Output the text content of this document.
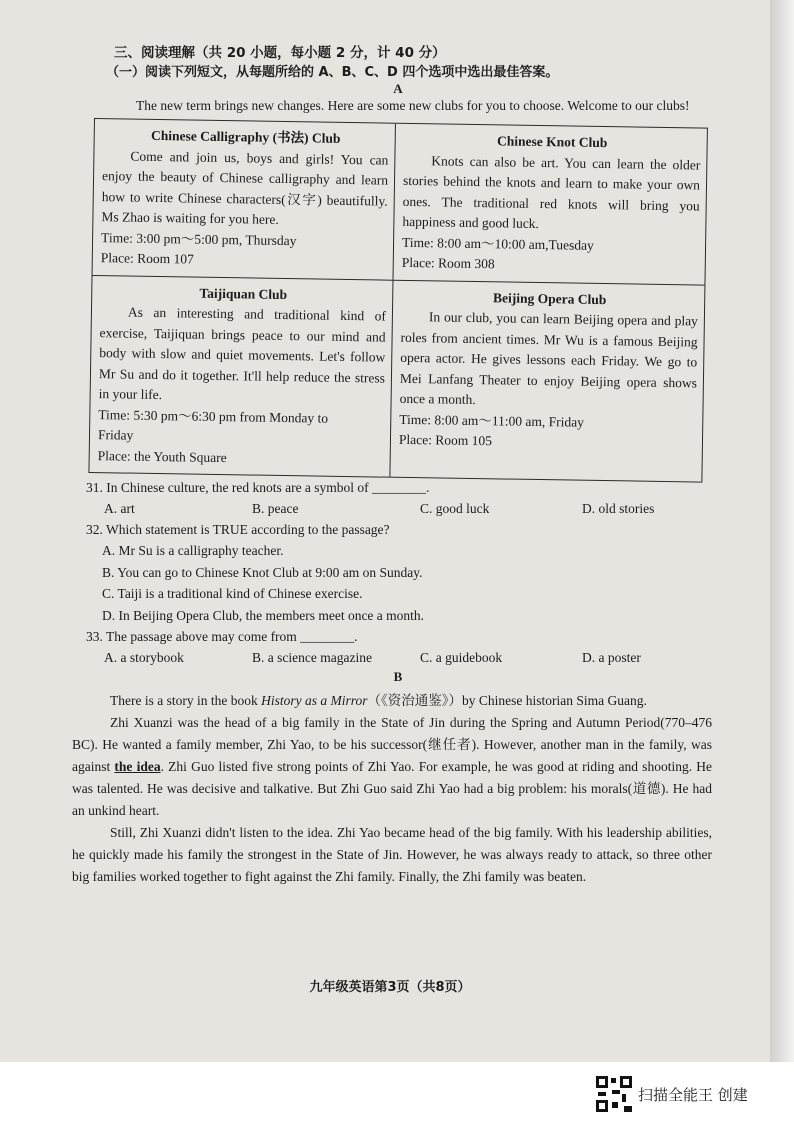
三、阅读理解（共 20 小题，每小题 2 分，计 40 分）
（一）阅读下列短文，从每题所给的 A、B、C、D 四个选项中选出最佳答案。
A
The new term brings new changes. Here are some new clubs for you to choose. Welcome to our clubs!
Chinese Calligraphy (书法) Club
Come and join us, boys and girls! You can enjoy the beauty of Chinese calligraphy and learn how to write Chinese characters(汉字) beautifully. Ms Zhao is waiting for you here.
Time: 3:00 pm～5:00 pm, Thursday
Place: Room 107
Chinese Knot Club
Knots can also be art. You can learn the older stories behind the knots and learn to make your own ones. The traditional red knots will bring you happiness and good luck.
Time: 8:00 am～10:00 am,Tuesday
Place: Room 308
Taijiquan Club
As an interesting and traditional kind of exercise, Taijiquan brings peace to our mind and body with slow and quiet movements. Let's follow Mr Su and do it together. It'll help reduce the stress in your life.
Time: 5:30 pm～6:30 pm from Monday to
Friday
Place: the Youth Square
Beijing Opera Club
In our club, you can learn Beijing opera and play roles from ancient times. Mr Wu is a famous Beijing opera actor. He gives lessons each Friday. We go to Mei Lanfang Theater to enjoy Beijing opera shows once a month.
Time: 8:00 am～11:00 am, Friday
Place: Room 105
31. In Chinese culture, the red knots are a symbol of ________.
A. art	B. peace	C. good luck	D. old stories
32. Which statement is TRUE according to the passage?
A. Mr Su is a calligraphy teacher.
B. You can go to Chinese Knot Club at 9:00 am on Sunday.
C. Taiji is a traditional kind of Chinese exercise.
D. In Beijing Opera Club, the members meet once a month.
33. The passage above may come from ________.
A. a storybook	B. a science magazine	C. a guidebook	D. a poster
B

There is a story in the book History as a Mirror（《资治通鉴》）by Chinese historian Sima Guang.

Zhi Xuanzi was the head of a big family in the State of Jin during the Spring and Autumn Period(770–476 BC). He wanted a family member, Zhi Yao, to be his successor(继任者). However, another man in the family, was against the idea. Zhi Guo listed five strong points of Zhi Yao. For example, he was good at riding and shooting. He was talented. He was decisive and talkative. But Zhi Guo said Zhi Yao had a big problem: his morals(道德). He had an unkind heart.

Still, Zhi Xuanzi didn't listen to the idea. Zhi Yao became head of the big family. With his leadership abilities, he quickly made his family the strongest in the State of Jin. However, he was always ready to attack, so three other big families worked together to fight against the Zhi family. Finally, the Zhi family was beaten.

九年级英语第3页（共8页）
扫描全能王 创建
